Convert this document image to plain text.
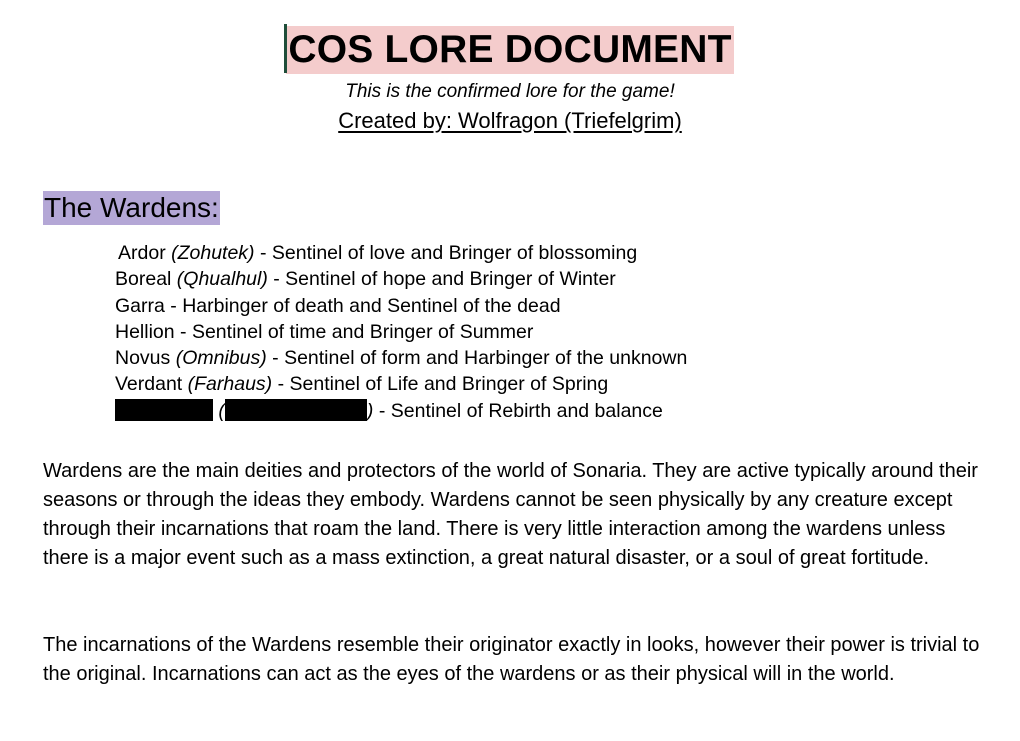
COS LORE DOCUMENT
This is the confirmed lore for the game!
Created by: Wolfragon (Triefelgrim)
The Wardens:
Ardor (Zohutek) - Sentinel of love and Bringer of blossoming
Boreal (Qhualhul) - Sentinel of hope and Bringer of Winter
Garra - Harbinger of death and Sentinel of the dead
Hellion - Sentinel of time and Bringer of Summer
Novus (Omnibus) - Sentinel of form and Harbinger of the unknown
Verdant (Farhaus) - Sentinel of Life and Bringer of Spring
(	) - Sentinel of Rebirth and balance
Wardens are the main deities and protectors of the world of Sonaria. They are active typically around their seasons or through the ideas they embody. Wardens cannot be seen physically by any creature except through their incarnations that roam the land. There is very little interaction among the wardens unless there is a major event such as a mass extinction, a great natural disaster, or a soul of great fortitude.
The incarnations of the Wardens resemble their originator exactly in looks, however their power is trivial to the original. Incarnations can act as the eyes of the wardens or as their physical will in the world.
